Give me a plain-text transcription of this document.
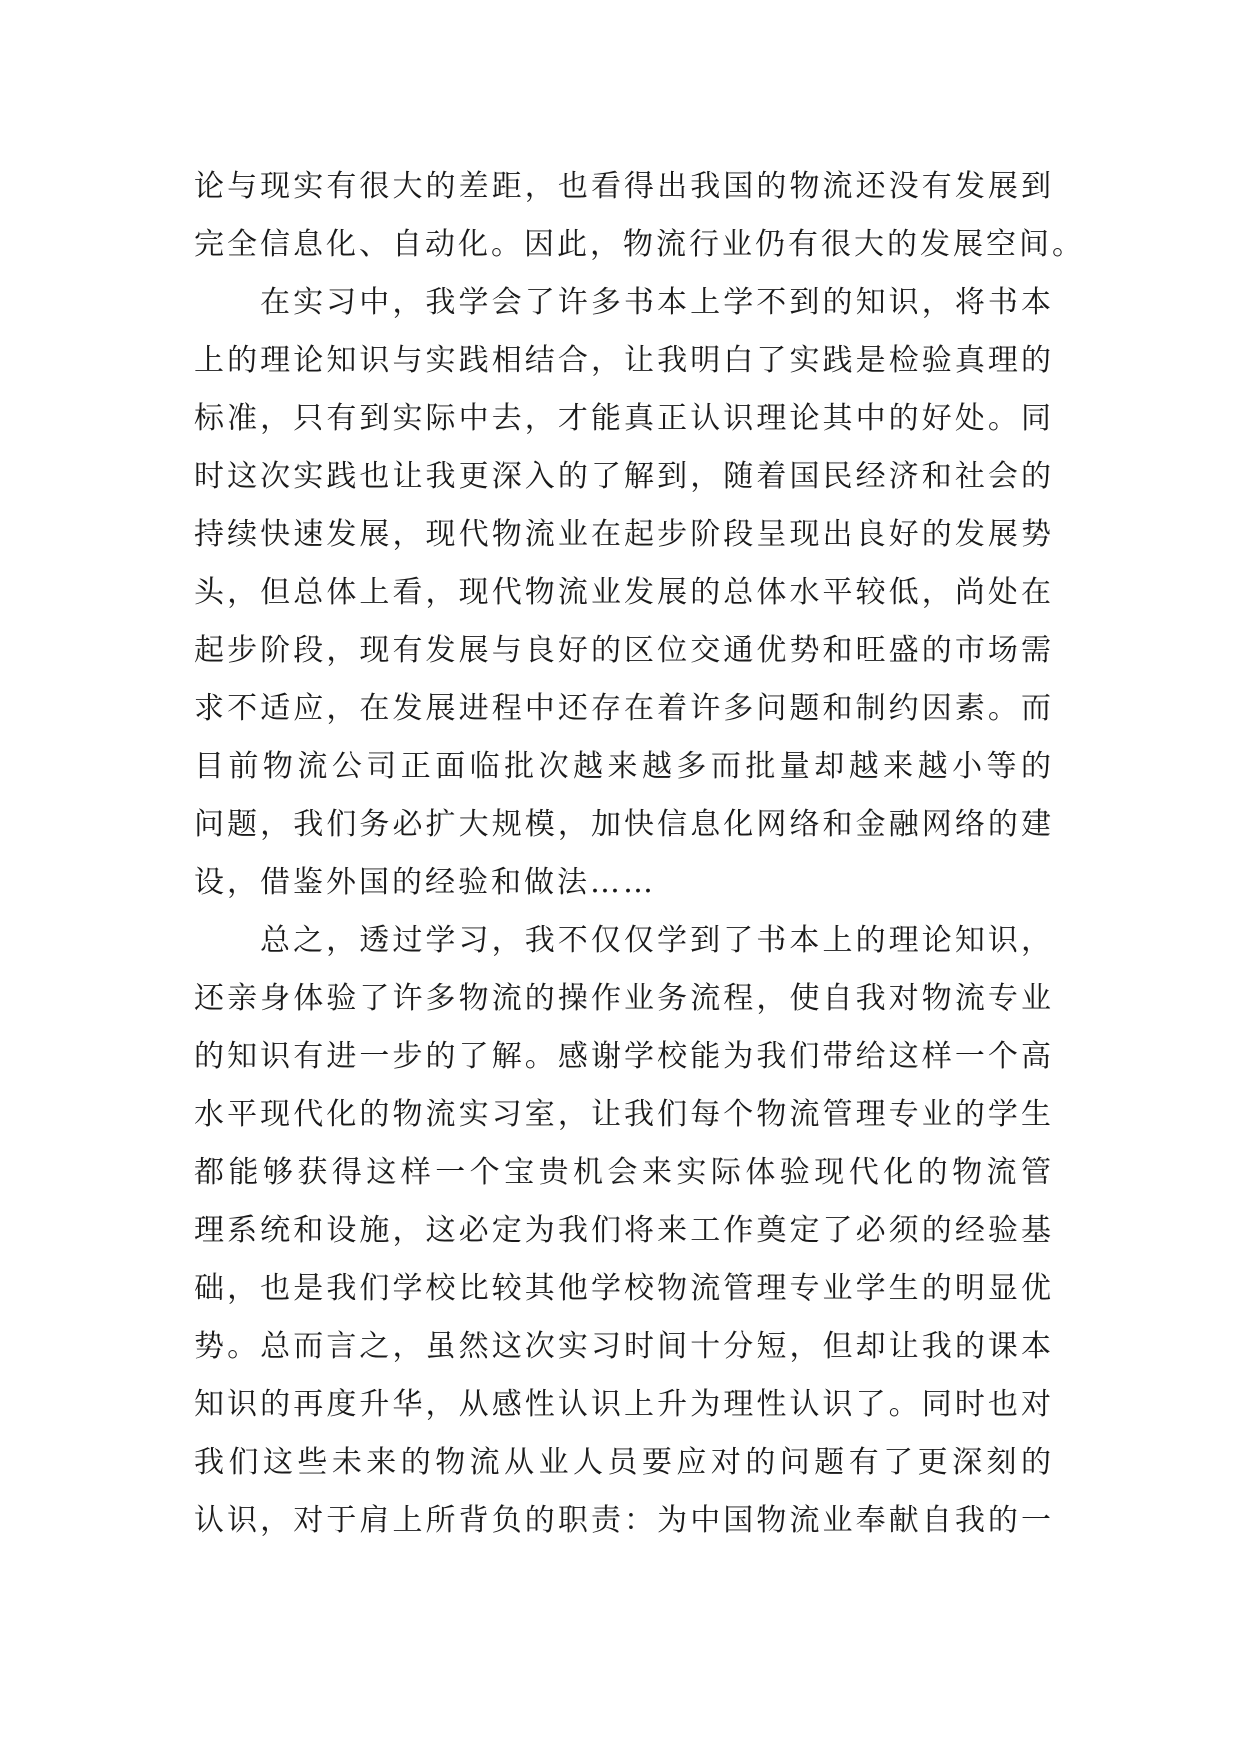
论与现实有很大的差距，也看得出我国的物流还没有发展到
完全信息化、自动化。因此，物流行业仍有很大的发展空间。
在实习中，我学会了许多书本上学不到的知识，将书本
上的理论知识与实践相结合，让我明白了实践是检验真理的
标准，只有到实际中去，才能真正认识理论其中的好处。同
时这次实践也让我更深入的了解到，随着国民经济和社会的
持续快速发展，现代物流业在起步阶段呈现出良好的发展势
头，但总体上看，现代物流业发展的总体水平较低，尚处在
起步阶段，现有发展与良好的区位交通优势和旺盛的市场需
求不适应，在发展进程中还存在着许多问题和制约因素。而
目前物流公司正面临批次越来越多而批量却越来越小等的
问题，我们务必扩大规模，加快信息化网络和金融网络的建
设，借鉴外国的经验和做法……
总之，透过学习，我不仅仅学到了书本上的理论知识，
还亲身体验了许多物流的操作业务流程，使自我对物流专业
的知识有进一步的了解。感谢学校能为我们带给这样一个高
水平现代化的物流实习室，让我们每个物流管理专业的学生
都能够获得这样一个宝贵机会来实际体验现代化的物流管
理系统和设施，这必定为我们将来工作奠定了必须的经验基
础，也是我们学校比较其他学校物流管理专业学生的明显优
势。总而言之，虽然这次实习时间十分短，但却让我的课本
知识的再度升华，从感性认识上升为理性认识了。同时也对
我们这些未来的物流从业人员要应对的问题有了更深刻的
认识，对于肩上所背负的职责：为中国物流业奉献自我的一
